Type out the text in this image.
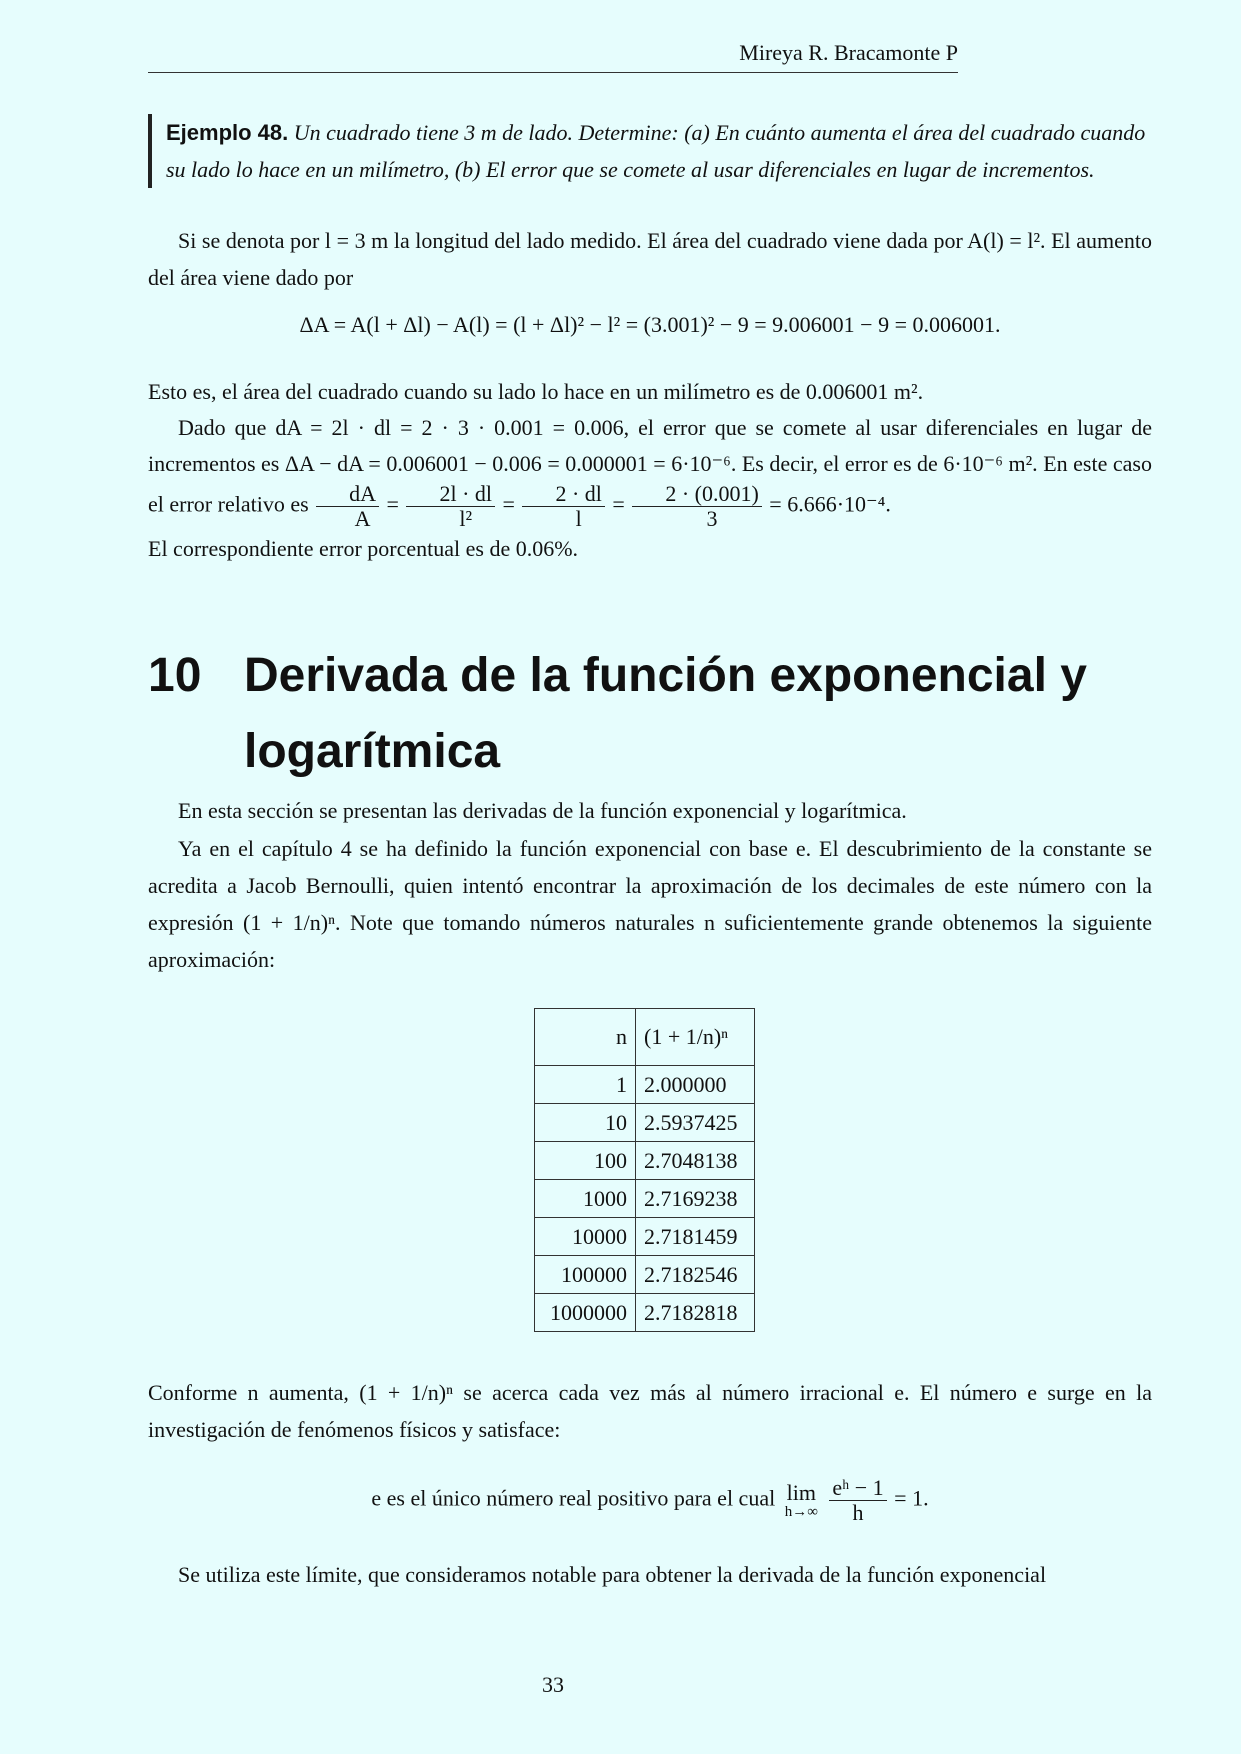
Mireya R. Bracamonte P
Ejemplo 48. Un cuadrado tiene 3 m de lado. Determine: (a) En cuánto aumenta el área del cuadrado cuando su lado lo hace en un milímetro, (b) El error que se comete al usar diferenciales en lugar de incrementos.
Si se denota por l = 3 m la longitud del lado medido. El área del cuadrado viene dada por A(l) = l². El aumento del área viene dado por
ΔA = A(l + Δl) − A(l) = (l + Δl)² − l² = (3.001)² − 9 = 9.006001 − 9 = 0.006001.
Esto es, el área del cuadrado cuando su lado lo hace en un milímetro es de 0.006001 m².
Dado que dA = 2l · dl = 2 · 3 · 0.001 = 0.006, el error que se comete al usar diferenciales en lugar de incrementos es ΔA − dA = 0.006001 − 0.006 = 0.000001 = 6·10⁻⁶. Es decir, el error es de 6·10⁻⁶ m². En este caso el error relativo es $\frac{dA}{A} = \frac{2l \cdot dl}{\text{l²}} = \frac{2 \cdot dl}{l} = \frac{2 \cdot (0.001)}{3} = 6.666\cdot 10^{-4}$.
El correspondiente error porcentual es de 0.06%.
10 Derivada de la función exponencial y logarítmica
En esta sección se presentan las derivadas de la función exponencial y logarítmica.
Ya en el capítulo 4 se ha definido la función exponencial con base e. El descubrimiento de la constante se acredita a Jacob Bernoulli, quien intentó encontrar la aproximación de los decimales de este número con la expresión (1 + 1/n)ⁿ. Note que tomando números naturales n suficientemente grande obtenemos la siguiente aproximación:
n	(1 + 1/n)ⁿ
1	2.000000
10	2.5937425
100	2.7048138
1000	2.7169238
10000	2.7181459
100000	2.7182546
1000000	2.7182818
Conforme n aumenta, (1 + 1/n)ⁿ se acerca cada vez más al número irracional e. El número e surge en la investigación de fenómenos físicos y satisface:
e es el único número real positivo para el cual lim
h→∞
$\frac{\text{eʰ − 1}}{h} = 1$.
Se utiliza este límite, que consideramos notable para obtener la derivada de la función exponencial
33
